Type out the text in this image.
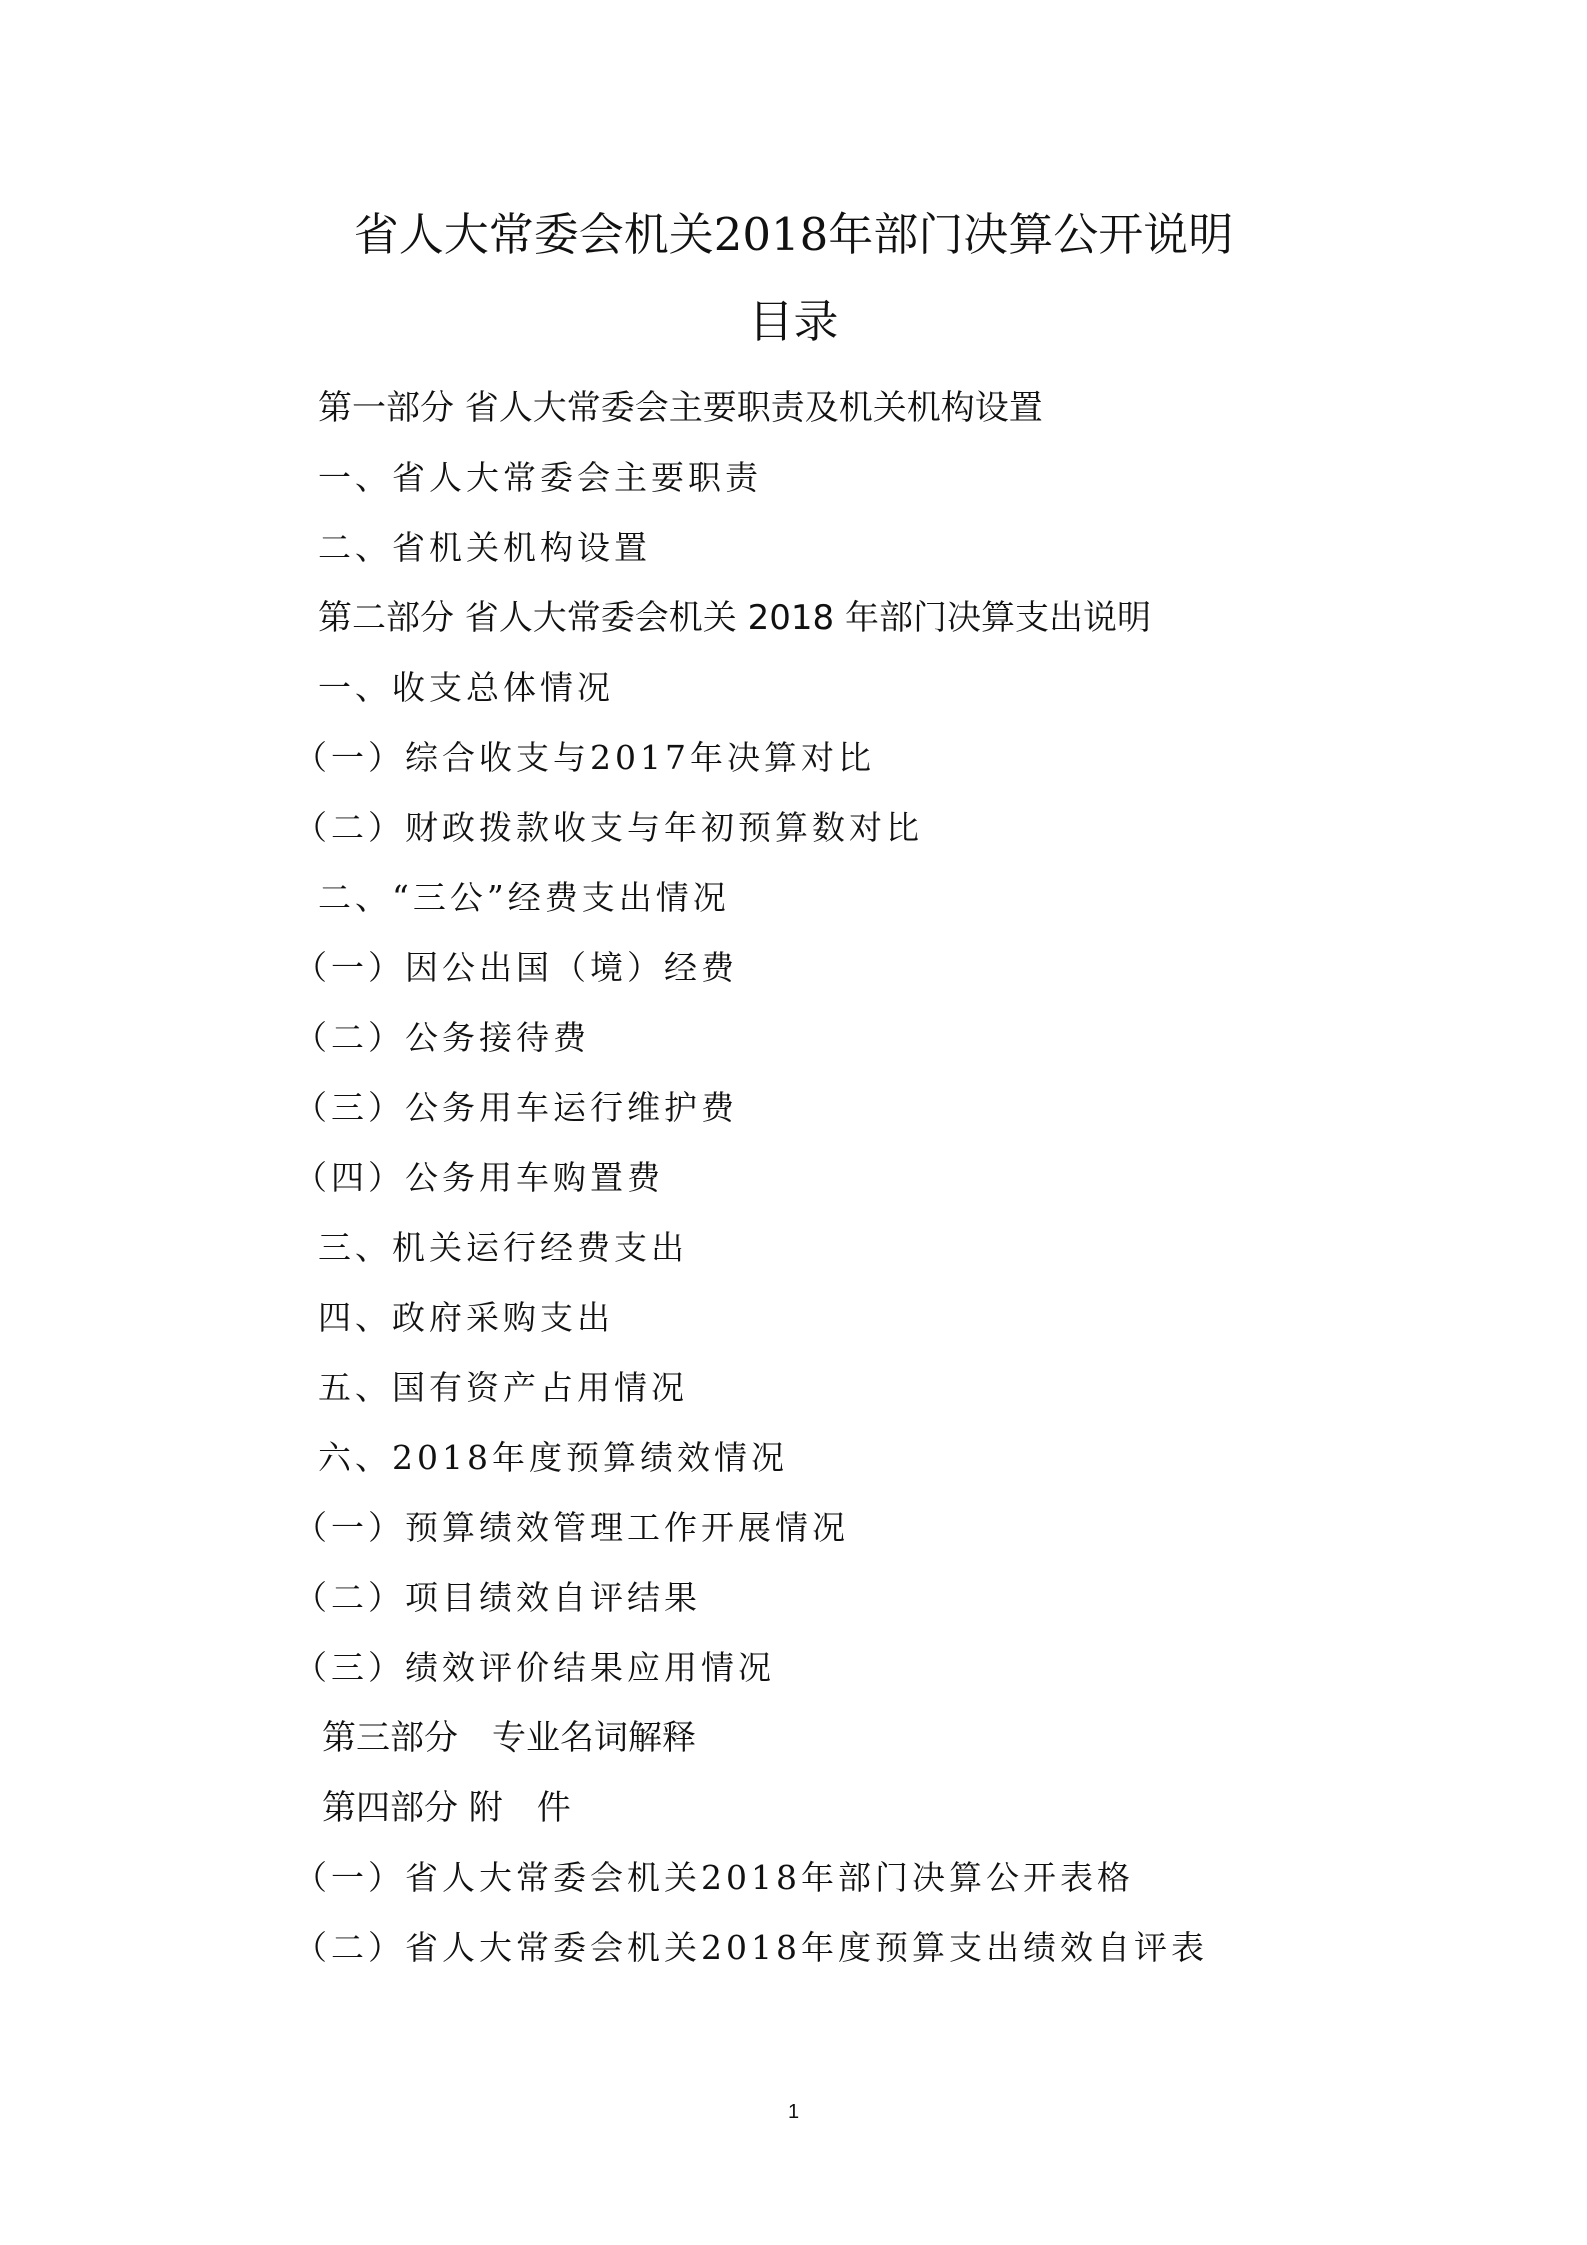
省人大常委会机关2018年部门决算公开说明
目录
第一部分 省人大常委会主要职责及机关机构设置
一、省人大常委会主要职责
二、省机关机构设置
第二部分 省人大常委会机关 2018 年部门决算支出说明
一、收支总体情况
（一）综合收支与2017年决算对比
（二）财政拨款收支与年初预算数对比
二、“三公”经费支出情况
（一）因公出国（境）经费
（二）公务接待费
（三）公务用车运行维护费
（四）公务用车购置费
三、机关运行经费支出
四、政府采购支出
五、国有资产占用情况
六、2018年度预算绩效情况
（一）预算绩效管理工作开展情况
（二）项目绩效自评结果
（三）绩效评价结果应用情况
第三部分　专业名词解释
第四部分 附　件
（一）省人大常委会机关2018年部门决算公开表格
（二）省人大常委会机关2018年度预算支出绩效自评表
1
